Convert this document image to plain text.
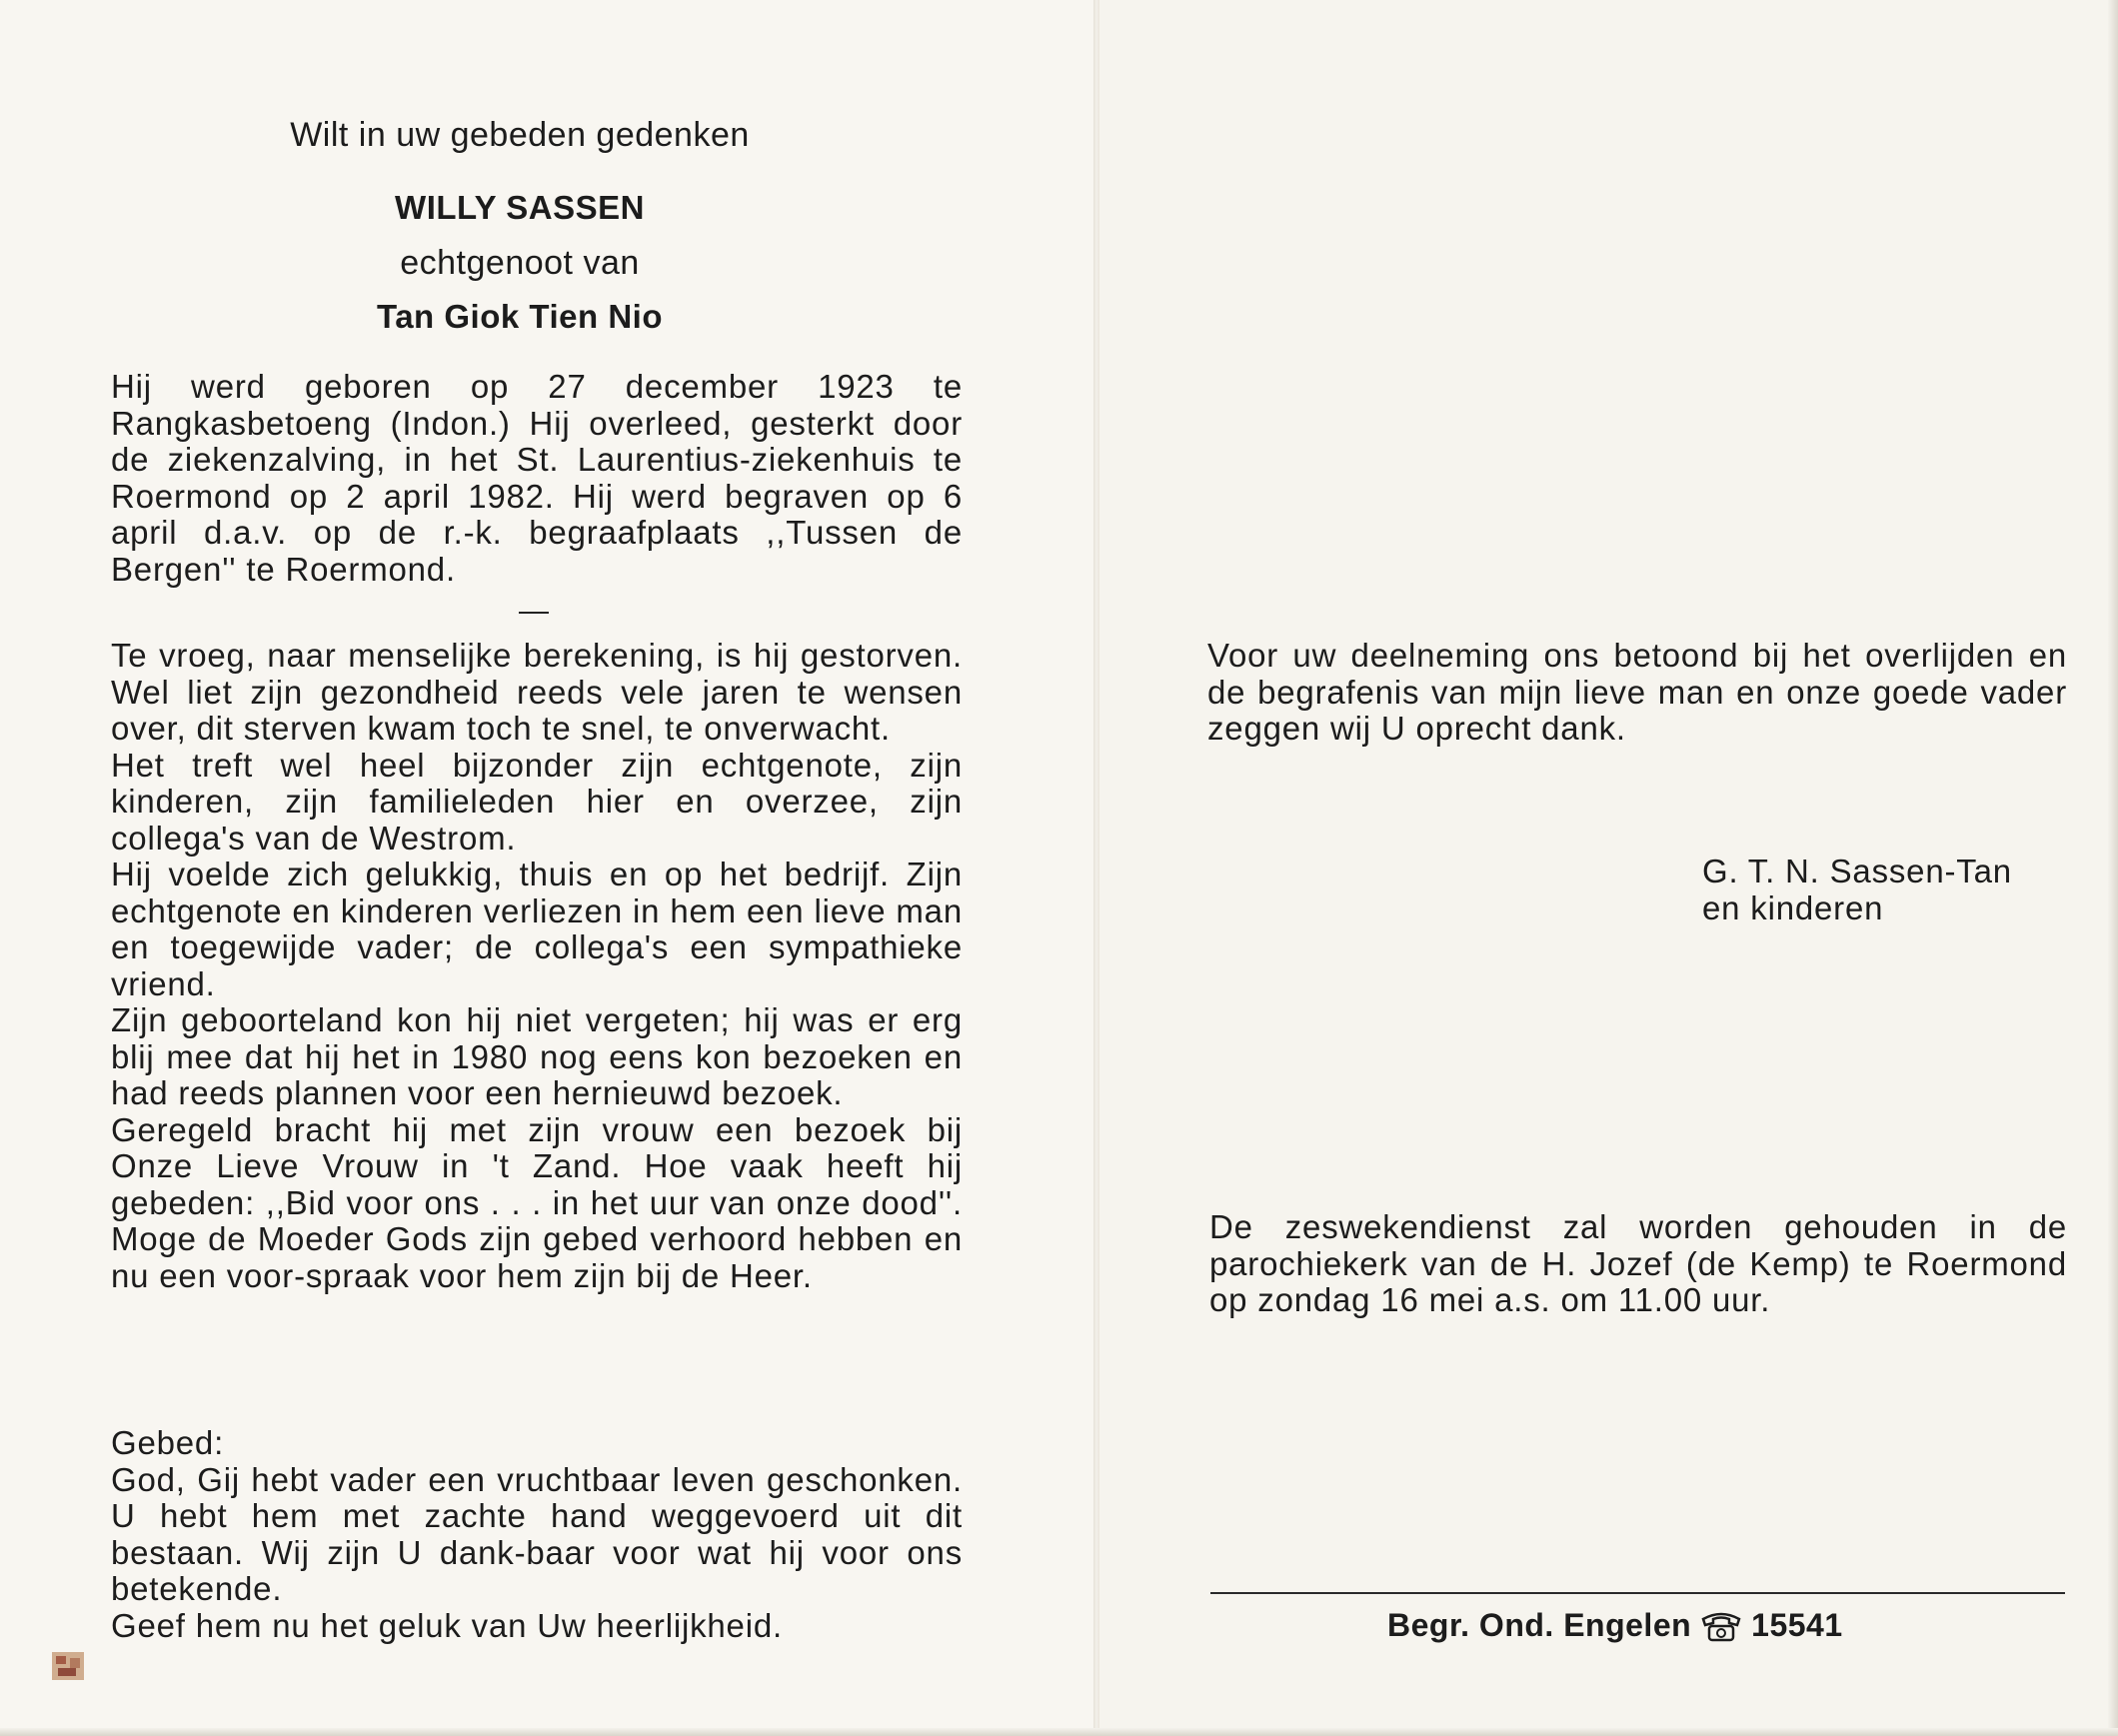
Wilt in uw gebeden gedenken
WILLY SASSEN
echtgenoot van
Tan Giok Tien Nio
Hij werd geboren op 27 december 1923 te Rangkasbetoeng (Indon.) Hij overleed, gesterkt door de ziekenzalving, in het St. Laurentius-ziekenhuis te Roermond op 2 april 1982. Hij werd begraven op 6 april d.a.v. op de r.-k. begraafplaats ,,Tussen de Bergen'' te Roermond.

Te vroeg, naar menselijke berekening, is hij gestorven. Wel liet zijn gezondheid reeds vele jaren te wensen over, dit sterven kwam toch te snel, te onverwacht.

Het treft wel heel bijzonder zijn echtgenote, zijn kinderen, zijn familieleden hier en overzee, zijn collega's van de Westrom.

Hij voelde zich gelukkig, thuis en op het bedrijf. Zijn echtgenote en kinderen verliezen in hem een lieve man en toegewijde vader; de collega's een sympathieke vriend.

Zijn geboorteland kon hij niet vergeten; hij was er erg blij mee dat hij het in 1980 nog eens kon bezoeken en had reeds plannen voor een hernieuwd bezoek.

Geregeld bracht hij met zijn vrouw een bezoek bij Onze Lieve Vrouw in 't Zand. Hoe vaak heeft hij gebeden: ,,Bid voor ons . . . in het uur van onze dood''. Moge de Moeder Gods zijn gebed verhoord hebben en nu een voor-spraak voor hem zijn bij de Heer.

Gebed:

God, Gij hebt vader een vruchtbaar leven geschonken. U hebt hem met zachte hand weggevoerd uit dit bestaan. Wij zijn U dank-baar voor wat hij voor ons betekende.

Geef hem nu het geluk van Uw heerlijkheid.

Voor uw deelneming ons betoond bij het overlijden en de begrafenis van mijn lieve man en onze goede vader zeggen wij U oprecht dank.
G. T. N. Sassen-Tan
en kinderen
De zeswekendienst zal worden gehouden in de parochiekerk van de H. Jozef (de Kemp) te Roermond op zondag 16 mei a.s. om 11.00 uur.
Begr. Ond. Engelen 15541
